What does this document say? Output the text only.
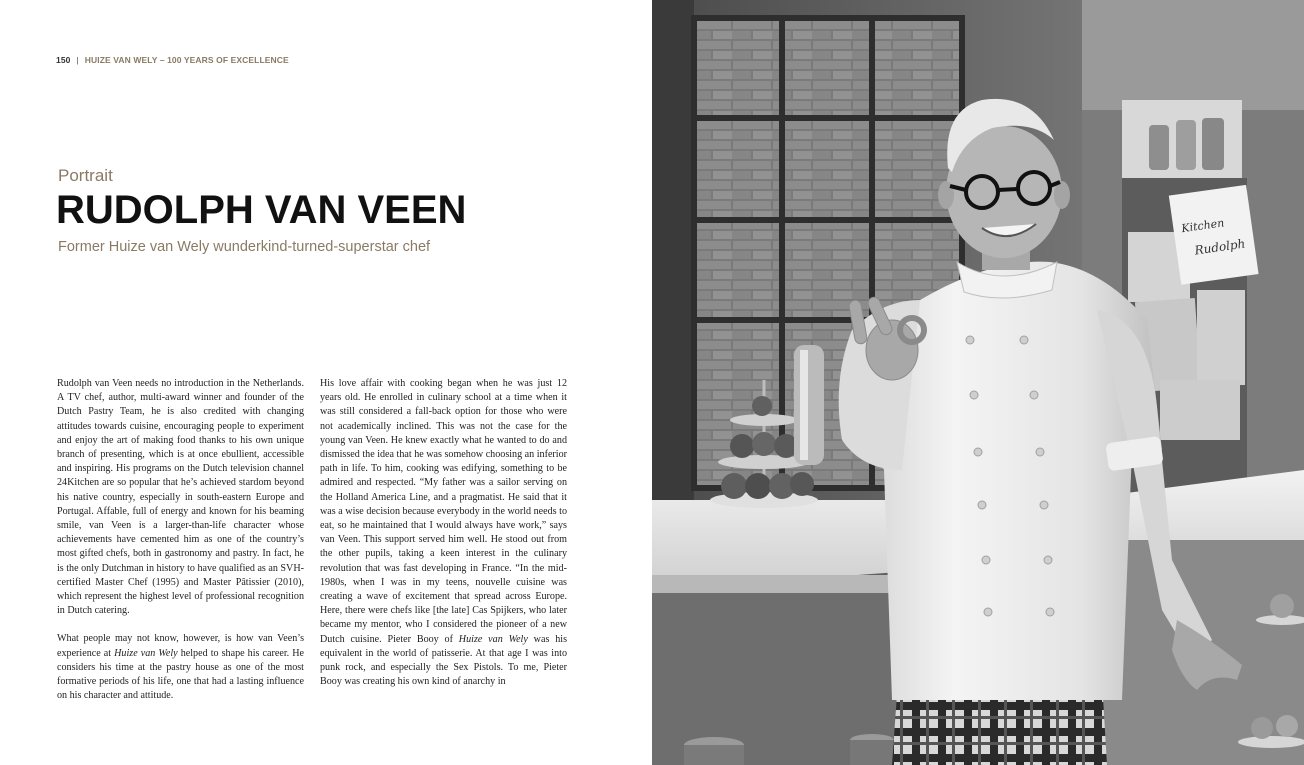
150 | HUIZE VAN WELY – 100 YEARS OF EXCELLENCE
Portrait
RUDOLPH VAN VEEN
Former Huize van Wely wunderkind-turned-superstar chef

Rudolph van Veen needs no introduction in the Netherlands. A TV chef, author, multi-award winner and founder of the Dutch Pastry Team, he is also credited with changing attitudes towards cuisine, encouraging people to experiment and enjoy the art of making food thanks to his own unique branch of presenting, which is at once ebullient, accessible and inspiring. His programs on the Dutch television channel 24Kitchen are so popular that he’s achieved stardom beyond his native country, especially in south-eastern Europe and Portugal. Affable, full of energy and known for his beaming smile, van Veen is a larger-than-life character whose achievements have cemented him as one of the country’s most gifted chefs, both in gastronomy and pastry. In fact, he is the only Dutchman in history to have qualified as an SVH-certified Master Chef (1995) and Master Pâtissier (2010), which represent the highest level of professional recognition in Dutch catering.

What people may not know, however, is how van Veen’s experience at Huize van Wely helped to shape his career. He considers his time at the pastry house as one of the most formative periods of his life, one that had a lasting influence on his character and attitude.

His love affair with cooking began when he was just 12 years old. He enrolled in culinary school at a time when it was still considered a fall-back option for those who were not academically inclined. This was not the case for the young van Veen. He knew exactly what he wanted to do and dismissed the idea that he was somehow choosing an inferior path in life. To him, cooking was edifying, something to be admired and respected. “My father was a sailor serving on the Holland America Line, and a pragmatist. He said that it was a wise decision because everybody in the world needs to eat, so he maintained that I would always have work,” says van Veen. This support served him well. He stood out from the other pupils, taking a keen interest in the culinary revolution that was fast developing in France. “In the mid-1980s, when I was in my teens, nouvelle cuisine was creating a wave of excitement that spread across Europe. Here, there were chefs like [the late] Cas Spijkers, who later became my mentor, who I considered the pioneer of a new Dutch cuisine. Pieter Booy of Huize van Wely was his equivalent in the world of patisserie. At that age I was into punk rock, and especially the Sex Pistols. To me, Pieter Booy was creating his own kind of anarchy in

Kitchen
Rudolph
